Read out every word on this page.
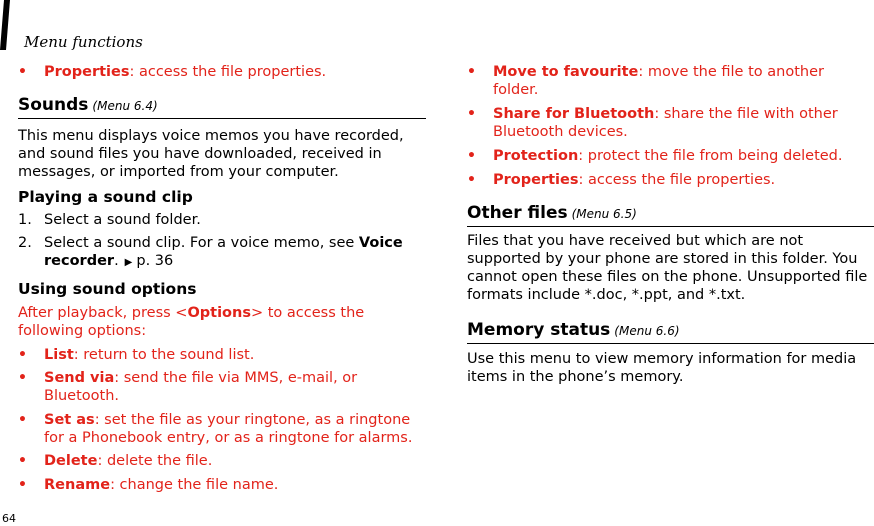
Menu functions
• Properties: access the file properties.
Sounds (Menu 6.4)
This menu displays voice memos you have recorded,
and sound files you have downloaded, received in
messages, or imported from your computer.
Playing a sound clip
1. Select a sound folder.
2. Select a sound clip. For a voice memo, see Voice
recorder. ▶ p. 36
Using sound options
After playback, press <Options> to access the
following options:
• List: return to the sound list.
• Send via: send the file via MMS, e-mail, or
Bluetooth.
• Set as: set the file as your ringtone, as a ringtone
for a Phonebook entry, or as a ringtone for alarms.
• Delete: delete the file.
• Rename: change the file name.
• Move to favourite: move the file to another
folder.
• Share for Bluetooth: share the file with other
Bluetooth devices.
• Protection: protect the file from being deleted.
• Properties: access the file properties.
Other files (Menu 6.5)
Files that you have received but which are not
supported by your phone are stored in this folder. You
cannot open these files on the phone. Unsupported file
formats include *.doc, *.ppt, and *.txt.
Memory status (Menu 6.6)
Use this menu to view memory information for media
items in the phone’s memory.
64
